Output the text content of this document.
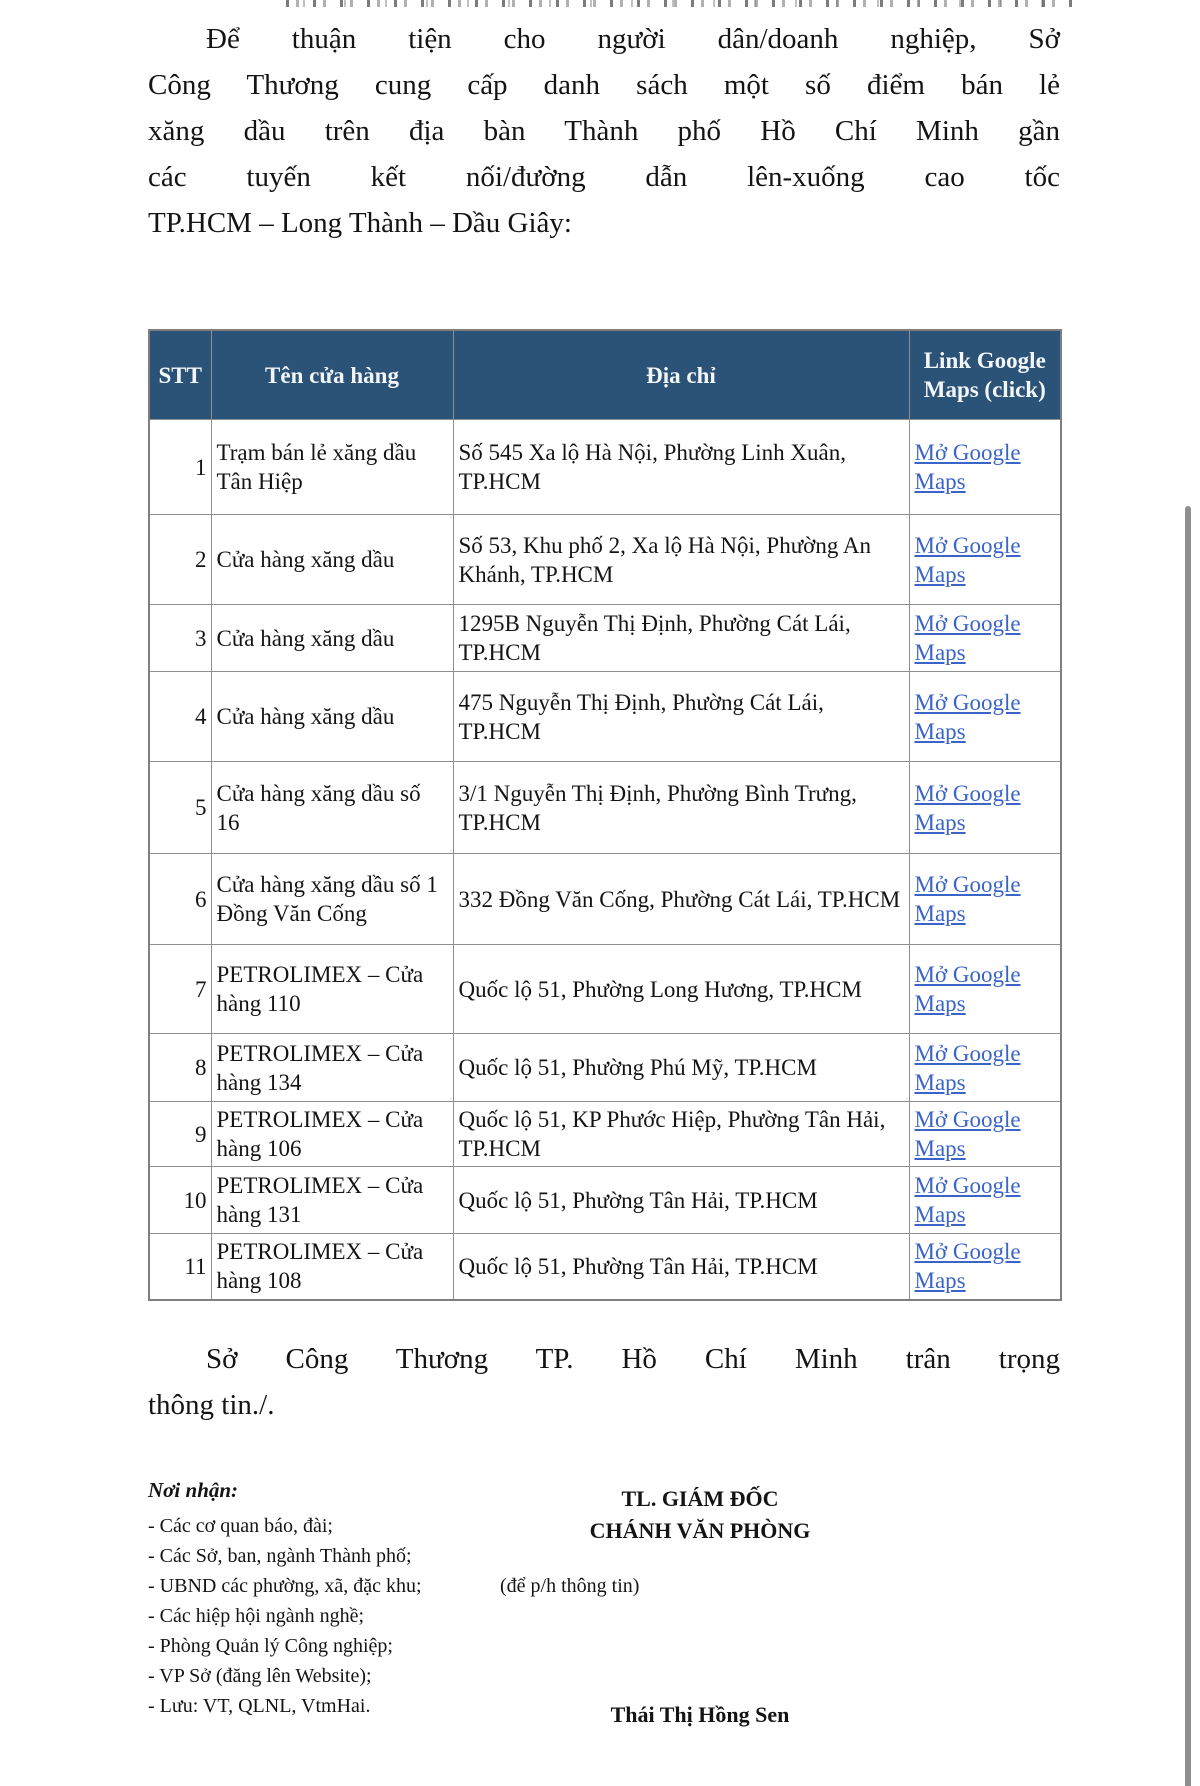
Để thuận tiện cho người dân/doanh nghiệp, Sở
Công Thương cung cấp danh sách một số điểm bán lẻ
xăng dầu trên địa bàn Thành phố Hồ Chí Minh gần
các tuyến kết nối/đường dẫn lên-xuống cao tốc
TP.HCM – Long Thành – Dầu Giây:
STT	Tên cửa hàng	Địa chỉ	Link Google Maps (click)
1	Trạm bán lẻ xăng dầu Tân Hiệp	Số 545 Xa lộ Hà Nội, Phường Linh Xuân, TP.HCM	Mở Google Maps
2	Cửa hàng xăng dầu	Số 53, Khu phố 2, Xa lộ Hà Nội, Phường An Khánh, TP.HCM	Mở Google Maps
3	Cửa hàng xăng dầu	1295B Nguyễn Thị Định, Phường Cát Lái, TP.HCM	Mở Google Maps
4	Cửa hàng xăng dầu	475 Nguyễn Thị Định, Phường Cát Lái, TP.HCM	Mở Google Maps
5	Cửa hàng xăng dầu số 16	3/1 Nguyễn Thị Định, Phường Bình Trưng, TP.HCM	Mở Google Maps
6	Cửa hàng xăng dầu số 1 Đồng Văn Cống	332 Đồng Văn Cống, Phường Cát Lái, TP.HCM	Mở Google Maps
7	PETROLIMEX – Cửa hàng 110	Quốc lộ 51, Phường Long Hương, TP.HCM	Mở Google Maps
8	PETROLIMEX – Cửa hàng 134	Quốc lộ 51, Phường Phú Mỹ, TP.HCM	Mở Google Maps
9	PETROLIMEX – Cửa hàng 106	Quốc lộ 51, KP Phước Hiệp, Phường Tân Hải, TP.HCM	Mở Google Maps
10	PETROLIMEX – Cửa hàng 131	Quốc lộ 51, Phường Tân Hải, TP.HCM	Mở Google Maps
11	PETROLIMEX – Cửa hàng 108	Quốc lộ 51, Phường Tân Hải, TP.HCM	Mở Google Maps
Sở Công Thương TP. Hồ Chí Minh trân trọng
thông tin./.
Nơi nhận:
- Các cơ quan báo, đài;
- Các Sở, ban, ngành Thành phố;
- UBND các phường, xã, đặc khu;	(để p/h thông tin)
- Các hiệp hội ngành nghề;
- Phòng Quản lý Công nghiệp;
- VP Sở (đăng lên Website);
- Lưu: VT, QLNL, VtmHai.
TL. GIÁM ĐỐC
CHÁNH VĂN PHÒNG
Thái Thị Hồng Sen
